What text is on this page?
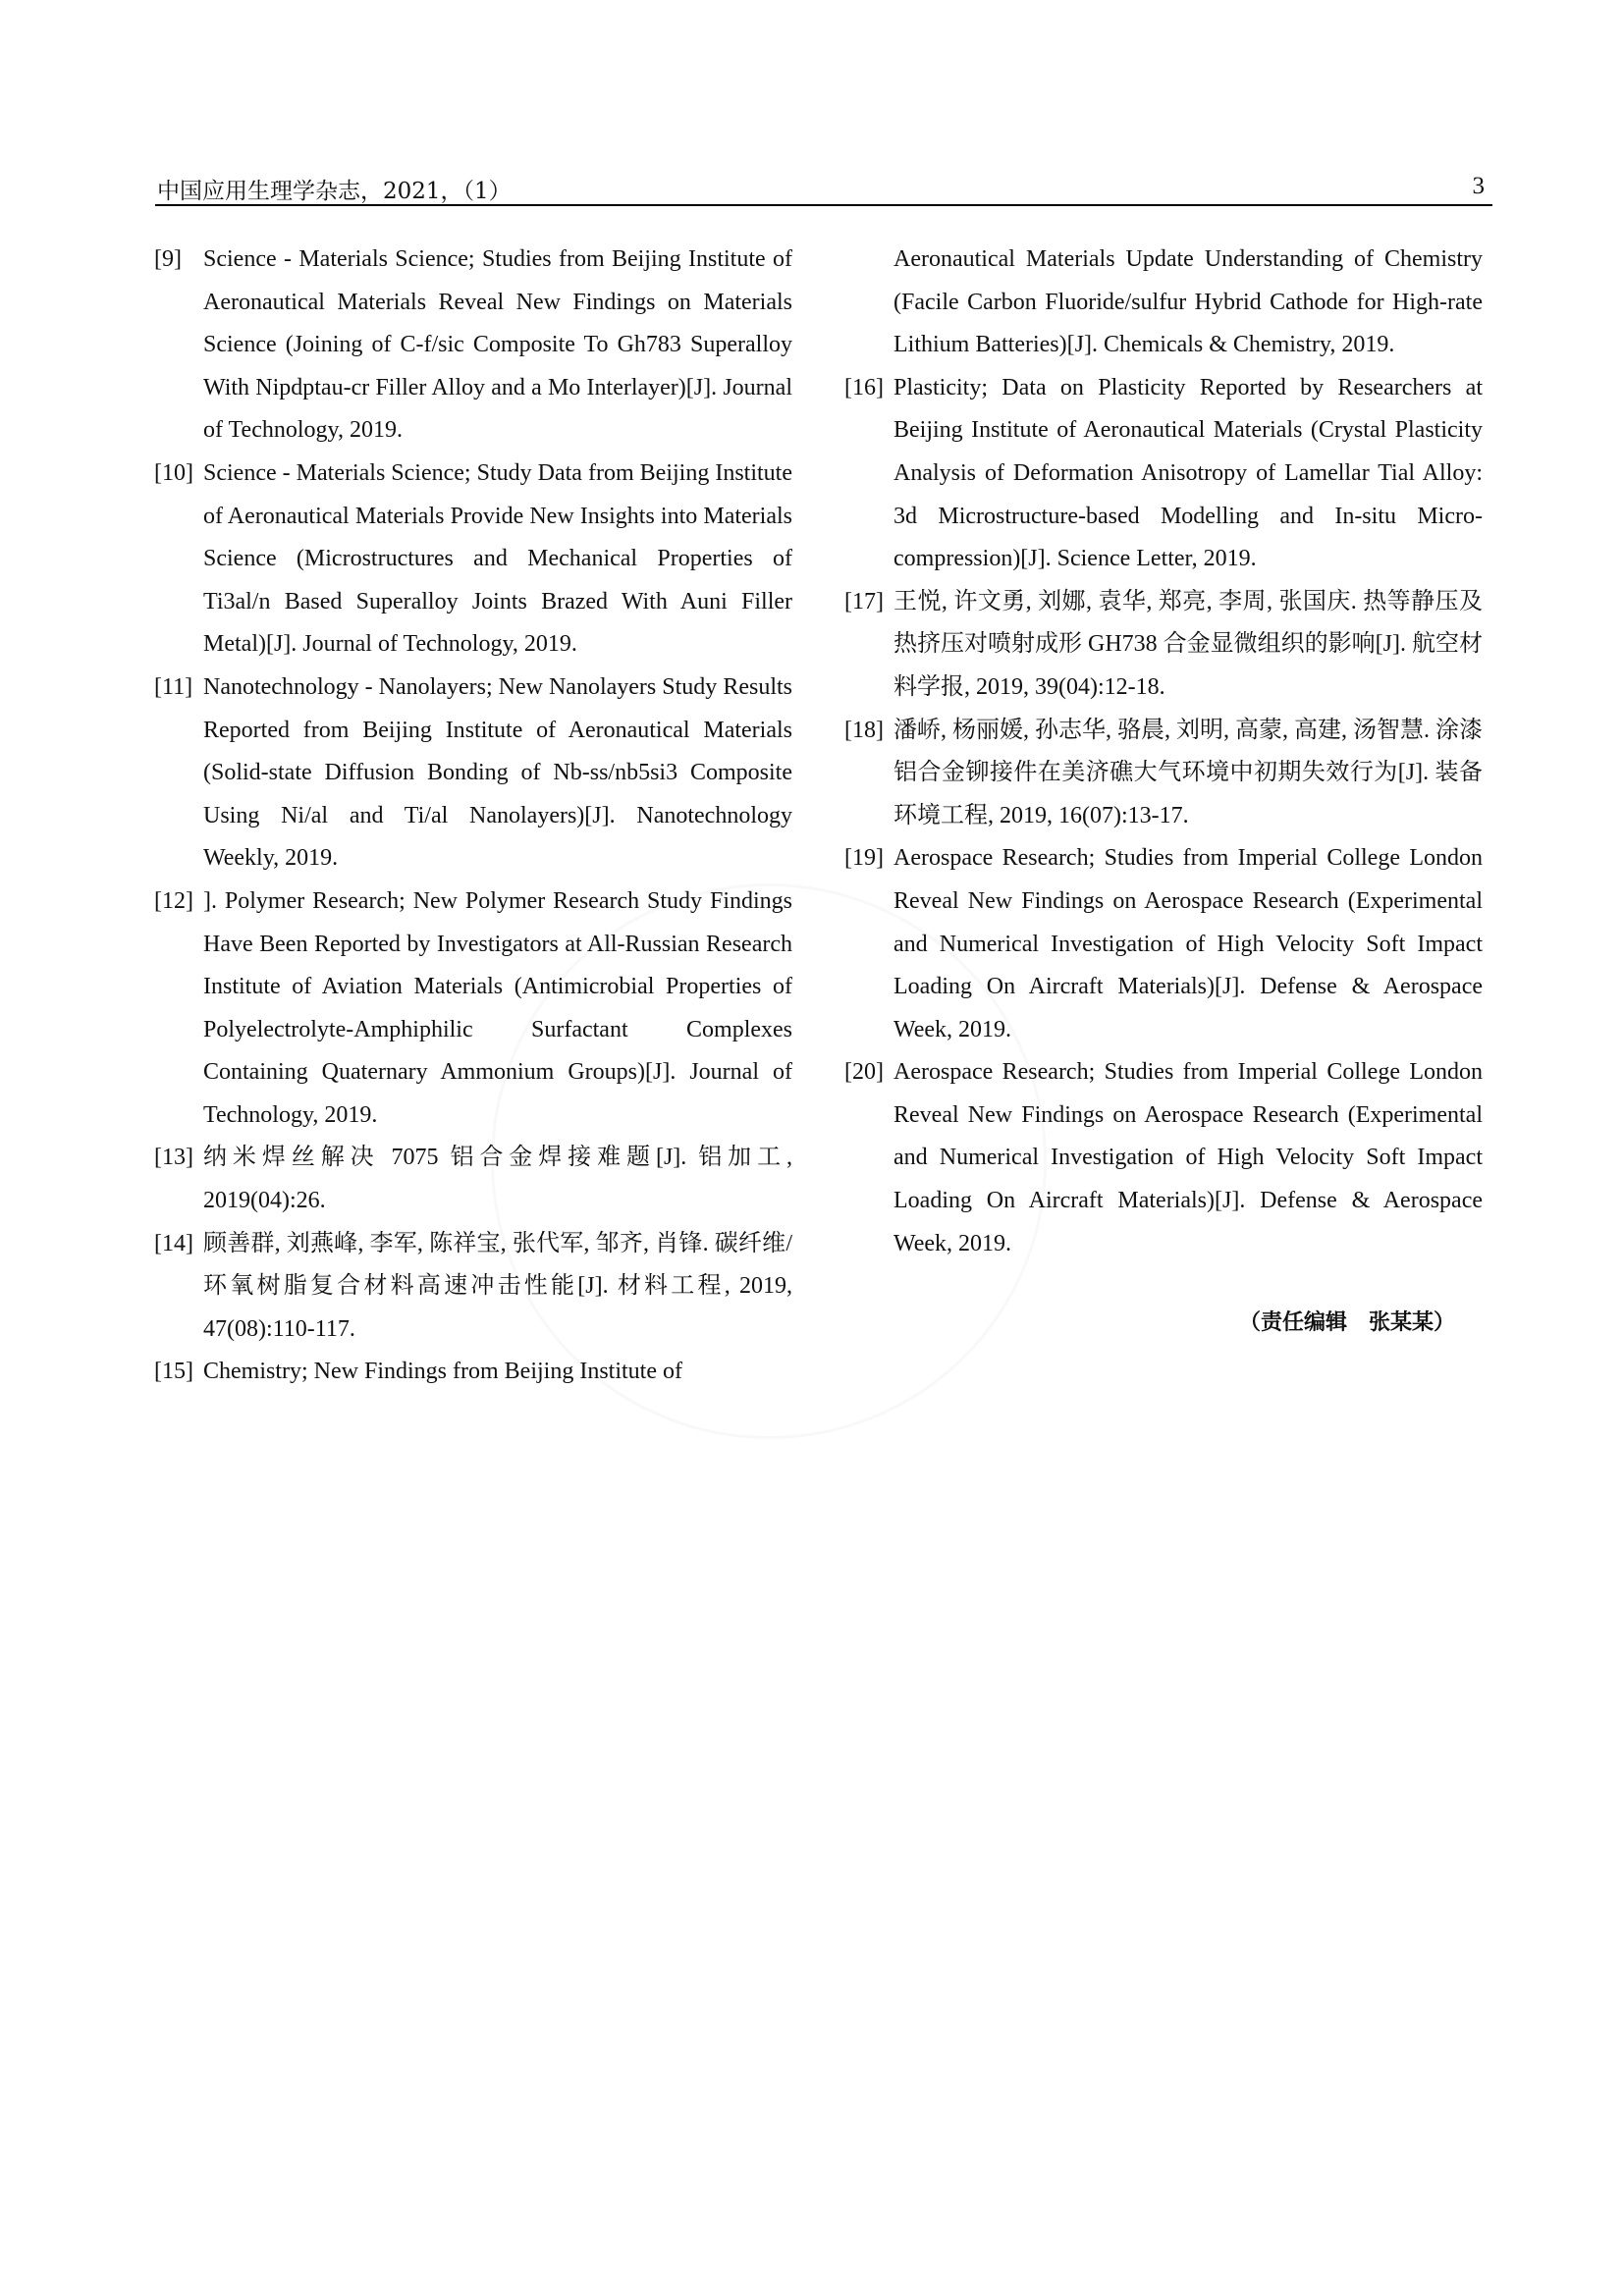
中国应用生理学杂志，2021，（1）	3

[9] Science - Materials Science; Studies from Beijing Institute of Aeronautical Materials Reveal New Findings on Materials Science (Joining of C-f/sic Composite To Gh783 Superalloy With Nipdptau-cr Filler Alloy and a Mo Interlayer)[J]. Journal of Technology, 2019.

[10] Science - Materials Science; Study Data from Beijing Institute of Aeronautical Materials Provide New Insights into Materials Science (Microstructures and Mechanical Properties of Ti3al/n Based Superalloy Joints Brazed With Auni Filler Metal)[J]. Journal of Technology, 2019.

[11] Nanotechnology - Nanolayers; New Nanolayers Study Results Reported from Beijing Institute of Aeronautical Materials (Solid-state Diffusion Bonding of Nb-ss/nb5si3 Composite Using Ni/al and Ti/al Nanolayers)[J]. Nanotechnology Weekly, 2019.

[12] ]. Polymer Research; New Polymer Research Study Findings Have Been Reported by Investigators at All-Russian Research Institute of Aviation Materials (Antimicrobial Properties of Polyelectrolyte-Amphiphilic Surfactant Complexes Containing Quaternary Ammonium Groups)[J]. Journal of Technology, 2019.

[13] 纳米焊丝解决 7075 铝合金焊接难题[J]. 铝加工, 2019(04):26.

[14] 顾善群, 刘燕峰, 李军, 陈祥宝, 张代军, 邹齐, 肖锋. 碳纤维/环氧树脂复合材料高速冲击性能[J]. 材料工程, 2019, 47(08):110-117.

[15] Chemistry; New Findings from Beijing Institute of

Aeronautical Materials Update Understanding of Chemistry (Facile Carbon Fluoride/sulfur Hybrid Cathode for High-rate Lithium Batteries)[J]. Chemicals & Chemistry, 2019.

[16] Plasticity; Data on Plasticity Reported by Researchers at Beijing Institute of Aeronautical Materials (Crystal Plasticity Analysis of Deformation Anisotropy of Lamellar Tial Alloy: 3d Microstructure-based Modelling and In-situ Micro-compression)[J]. Science Letter, 2019.

[17] 王悦, 许文勇, 刘娜, 袁华, 郑亮, 李周, 张国庆. 热等静压及热挤压对喷射成形 GH738 合金显微组织的影响[J]. 航空材料学报, 2019, 39(04):12-18.

[18] 潘峤, 杨丽媛, 孙志华, 骆晨, 刘明, 高蒙, 高建, 汤智慧. 涂漆铝合金铆接件在美济礁大气环境中初期失效行为[J]. 装备环境工程, 2019, 16(07):13-17.

[19] Aerospace Research; Studies from Imperial College London Reveal New Findings on Aerospace Research (Experimental and Numerical Investigation of High Velocity Soft Impact Loading On Aircraft Materials)[J]. Defense & Aerospace Week, 2019.

[20] Aerospace Research; Studies from Imperial College London Reveal New Findings on Aerospace Research (Experimental and Numerical Investigation of High Velocity Soft Impact Loading On Aircraft Materials)[J]. Defense & Aerospace Week, 2019.

（责任编辑　张某某）
